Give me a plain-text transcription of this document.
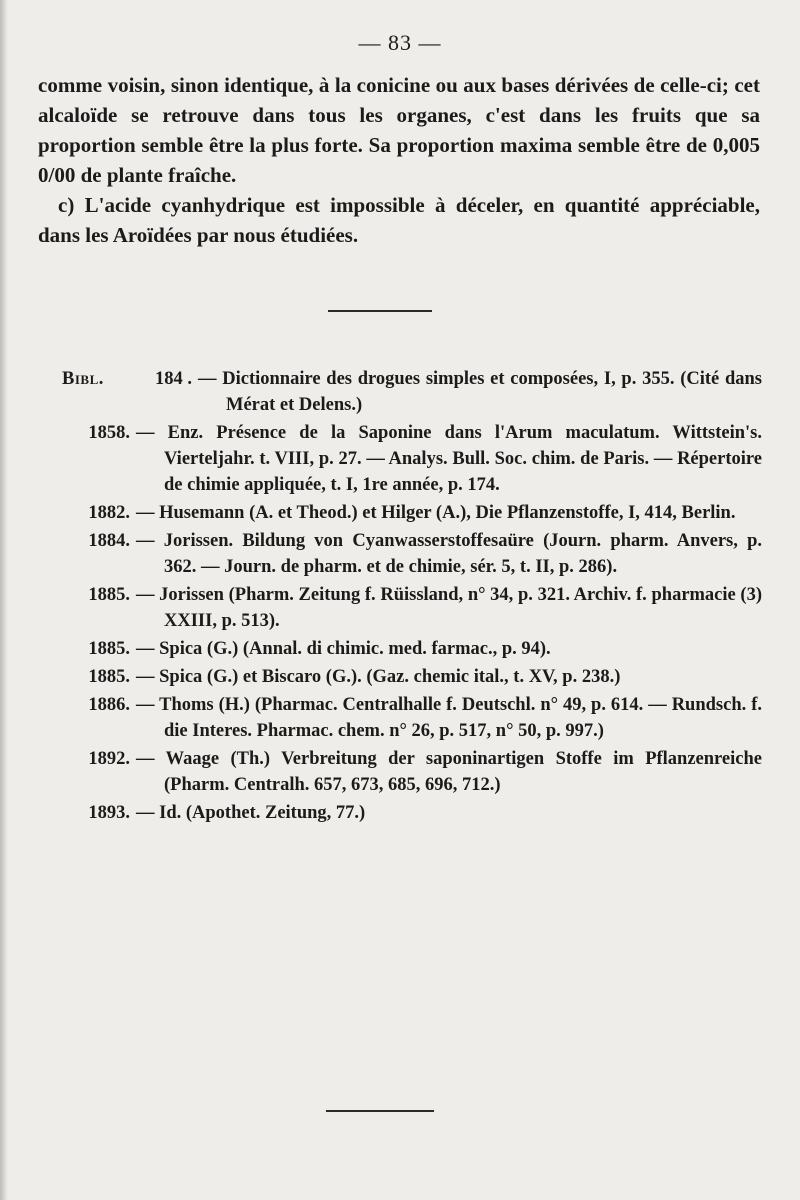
— 83 —

comme voisin, sinon identique, à la conicine ou aux bases dérivées de celle-ci; cet alcaloïde se retrouve dans tous les organes, c'est dans les fruits que sa proportion semble être la plus forte. Sa proportion maxima semble être de 0,005 0/00 de plante fraîche.

c) L'acide cyanhydrique est impossible à déceler, en quantité appréciable, dans les Aroïdées par nous étudiées.

Bibl.	184 . — Dictionnaire des drogues simples et composées, I, p. 355. (Cité dans Mérat et Delens.)
1858. — Enz. Présence de la Saponine dans l'Arum maculatum. Wittstein's. Vierteljahr. t. VIII, p. 27. — Analys. Bull. Soc. chim. de Paris. — Répertoire de chimie appliquée, t. I, 1re année, p. 174.
1882. — Husemann (A. et Theod.) et Hilger (A.), Die Pflanzenstoffe, I, 414, Berlin.
1884. — Jorissen. Bildung von Cyanwasserstoffesaüre (Journ. pharm. Anvers, p. 362. — Journ. de pharm. et de chimie, sér. 5, t. II, p. 286).
1885. — Jorissen (Pharm. Zeitung f. Rüissland, n° 34, p. 321. Archiv. f. pharmacie (3) XXIII, p. 513).
1885. — Spica (G.) (Annal. di chimic. med. farmac., p. 94).
1885. — Spica (G.) et Biscaro (G.). (Gaz. chemic ital., t. XV, p. 238.)
1886. — Thoms (H.) (Pharmac. Centralhalle f. Deutschl. n° 49, p. 614. — Rundsch. f. die Interes. Pharmac. chem. n° 26, p. 517, n° 50, p. 997.)
1892. — Waage (Th.) Verbreitung der saponinartigen Stoffe im Pflanzenreiche (Pharm. Centralh. 657, 673, 685, 696, 712.)
1893. — Id. (Apothet. Zeitung, 77.)
